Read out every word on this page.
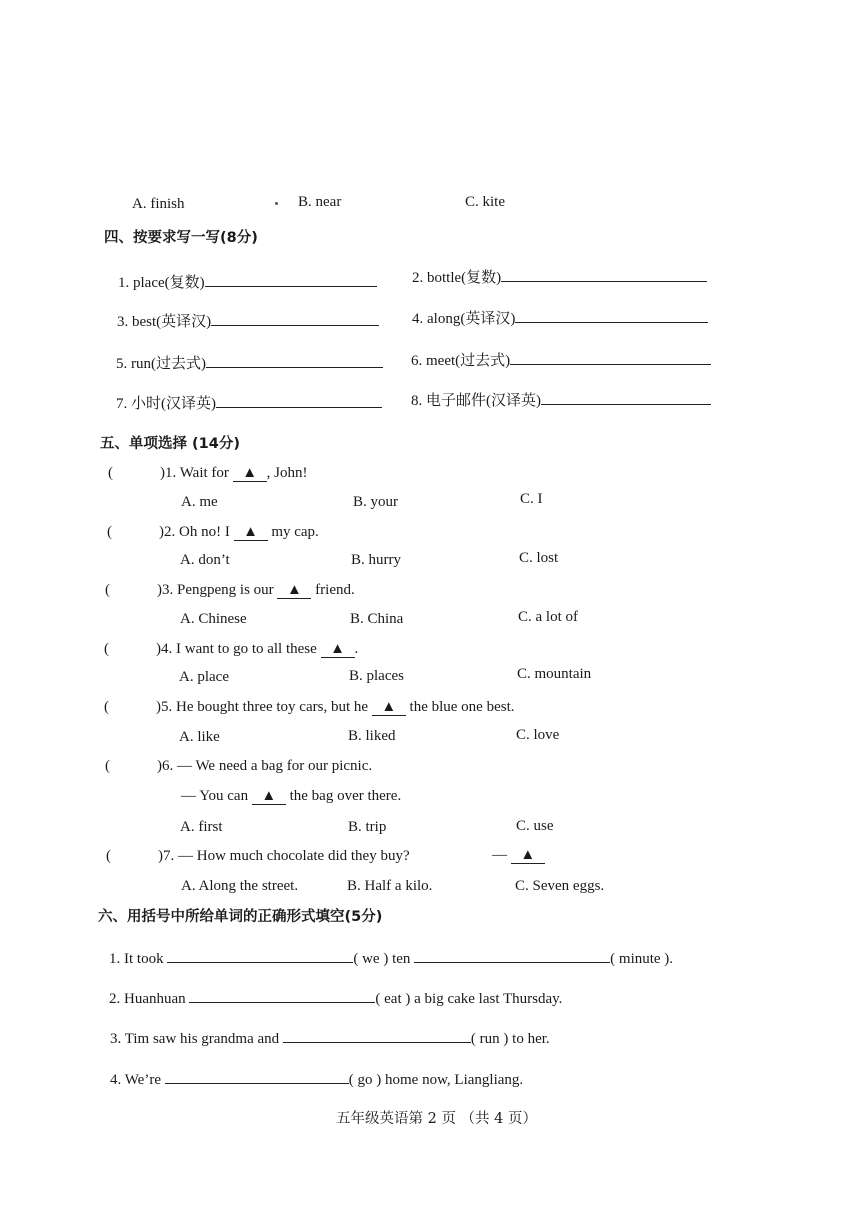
A. finish	B. near	C. kite
四、按要求写一写(8分)
1. place(复数)	2. bottle(复数)
3. best(英译汉)	4. along(英译汉)
5. run(过去式)	6. meet(过去式)
7. 小时(汉译英)	8. 电子邮件(汉译英)
五、单项选择 (14分)
(	)1. Wait for ▲ , John!
A. me	B. your	C. I
(	)2. Oh no! I ▲ my cap.
A. don’t	B. hurry	C. lost
(	)3. Pengpeng is our ▲ friend.
A. Chinese	B. China	C. a lot of
(	)4. I want to go to all these ▲ .
A. place	B. places	C. mountain
(	)5. He bought three toy cars, but he ▲ the blue one best.
A. like	B. liked	C. love
(	)6. — We need a bag for our picnic.
— You can ▲ the bag over there.
A. first	B. trip	C. use
(	)7. — How much chocolate did they buy?	— ▲
A. Along the street.	B. Half a kilo.	C. Seven eggs.
六、用括号中所给单词的正确形式填空(5分)
1. It took	( we ) ten	( minute ).
2. Huanhuan	( eat ) a big cake last Thursday.
3. Tim saw his grandma and	( run ) to her.
4. We’re	( go ) home now, Liangliang.
五年级英语第 2 页 （共 4 页）
